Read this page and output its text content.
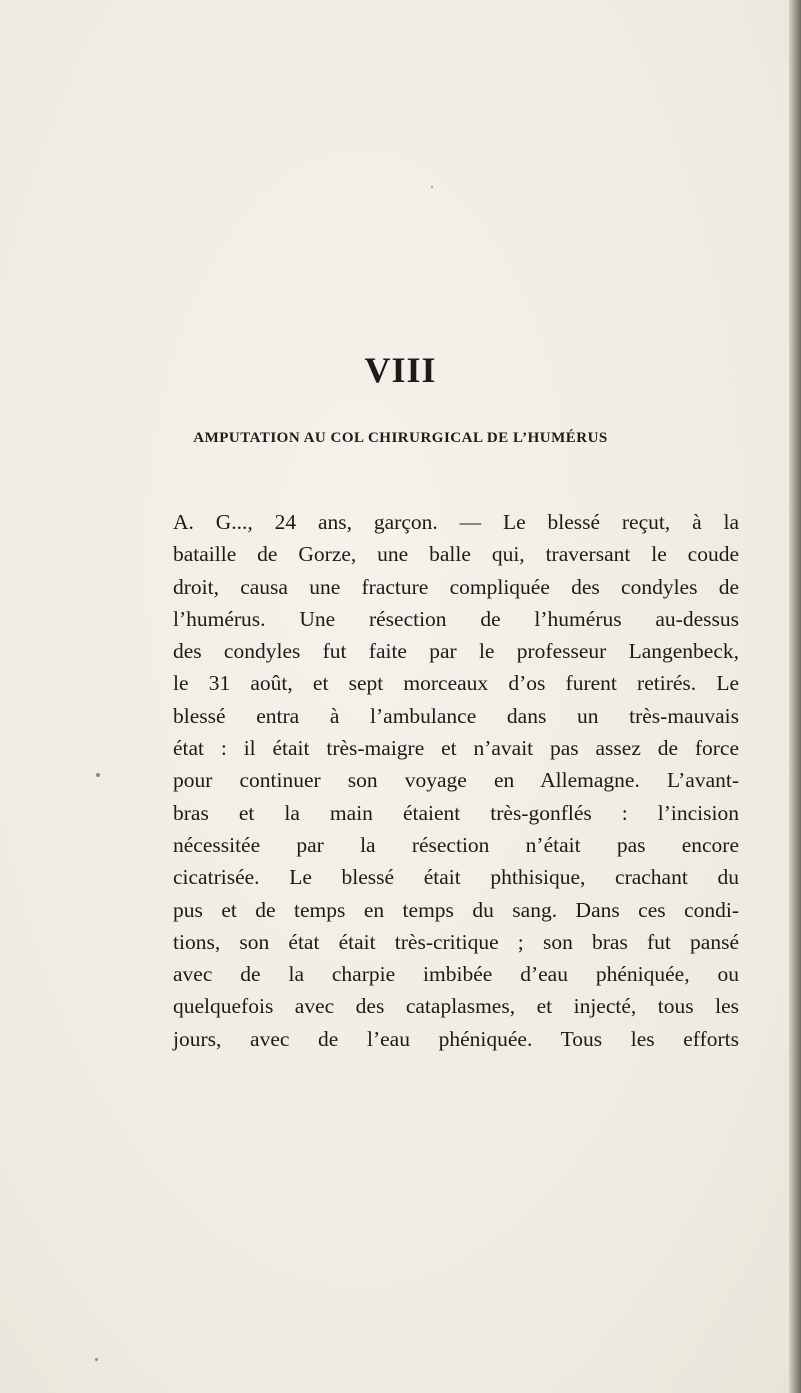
VIII
AMPUTATION AU COL CHIRURGICAL DE L’HUMÉRUS
A. G..., 24 ans, garçon. — Le blessé reçut, à la
bataille de Gorze, une balle qui, traversant le coude
droit, causa une fracture compliquée des condyles de
l’humérus. Une résection de l’humérus au-dessus
des condyles fut faite par le professeur Langenbeck,
le 31 août, et sept morceaux d’os furent retirés. Le
blessé entra à l’ambulance dans un très-mauvais
état : il était très-maigre et n’avait pas assez de force
pour continuer son voyage en Allemagne. L’avant-
bras et la main étaient très-gonflés : l’incision
nécessitée par la résection n’était pas encore
cicatrisée. Le blessé était phthisique, crachant du
pus et de temps en temps du sang. Dans ces condi-
tions, son état était très-critique ; son bras fut pansé
avec de la charpie imbibée d’eau phéniquée, ou
quelquefois avec des cataplasmes, et injecté, tous les
jours, avec de l’eau phéniquée. Tous les efforts
